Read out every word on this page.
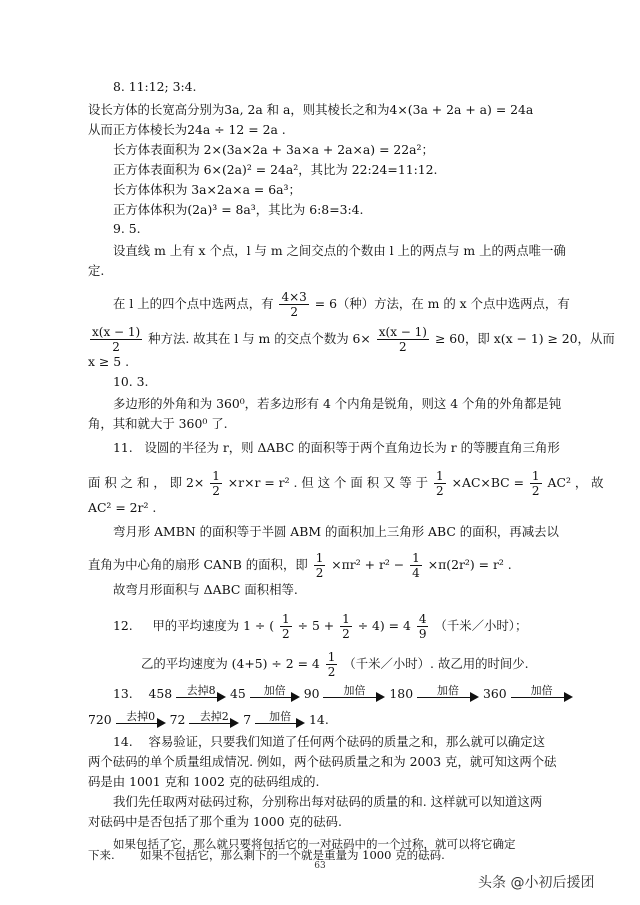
8. 11:12; 3:4.
设长方体的长宽高分别为3a, 2a 和 a，则其棱长之和为4×(3a + 2a + a) = 24a
从而正方体棱长为24a ÷ 12 = 2a .
长方体表面积为 2×(3a×2a + 3a×a + 2a×a) = 22a²；
正方体表面积为 6×(2a)² = 24a²，其比为 22:24=11:12.
长方体体积为 3a×2a×a = 6a³；
正方体体积为(2a)³ = 8a³，其比为 6:8=3:4.
9. 5.
设直线 m 上有 x 个点，l 与 m 之间交点的个数由 l 上的两点与 m 上的两点唯一确
定.
在 l 上的四个点中选两点，有 $\frac{4\times 3}{2} = 6$（种）方法，在 m 的 x 个点中选两点，有
$\frac{x(x - 1)}{2}$ 种方法. 故其在 l 与 m 的交点个数为 $6\times \frac{x(x - 1)}{2} \ge 60$，即 x(x − 1) ≥ 20，从而
x ≥ 5 .
10. 3.
多边形的外角和为 360⁰，若多边形有 4 个内角是锐角，则这 4 个角的外角都是钝
角，其和就大于 360⁰ 了.
11. 设圆的半径为 r，则 ΔABC 的面积等于两个直角边长为 r 的等腰直角三角形
面 积 之 和 ， 即 $2\times \frac{1}{2} \times r\times r = r^2$ . 但 这 个 面 积 又 等 于 $\frac{1}{2} \times AC\times BC = \frac{1}{2} AC^2$ ， 故
AC² = 2r² .
弯月形 AMBN 的面积等于半圆 ABM 的面积加上三角形 ABC 的面积，再减去以
直角为中心角的扇形 CANB 的面积，即 $\frac{1}{2} \times\pi r^2 + r^2 - \frac{1}{4} \times\pi(2r^2) = r^2$ .
故弯月形面积与 ΔABC 面积相等.
12. 甲的平均速度为 1 ÷ ( $\frac{1}{2} \div 5 + \frac{1}{2} \div 4) = 4 \frac{4}{9}$ （千米／小时）；
乙的平均速度为 $(4+5) \div 2 = 4 \frac{1}{2}$ （千米／小时）. 故乙用的时间少.
13. 458	去掉8	45	加倍	90	加倍	180	加倍	360	加倍
720	去掉0	72	去掉2	7	加倍	14.
14. 容易验证，只要我们知道了任何两个砝码的质量之和，那么就可以确定这
两个砝码的单个质量组成情况. 例如，两个砝码质量之和为 2003 克，就可知这两个砝
码是由 1001 克和 1002 克的砝码组成的.
我们先任取两对砝码过称，分别称出每对砝码的质量的和. 这样就可以知道这两
对砝码中是否包括了那个重为 1000 克的砝码.
63
头条 @小初后援团
如果包括了它，那么就只要将包括它的一对砝码中的一个过称，就可以将它确定
下来. 如果不包括它，那么剩下的一个就是重量为 1000 克的砝码.
